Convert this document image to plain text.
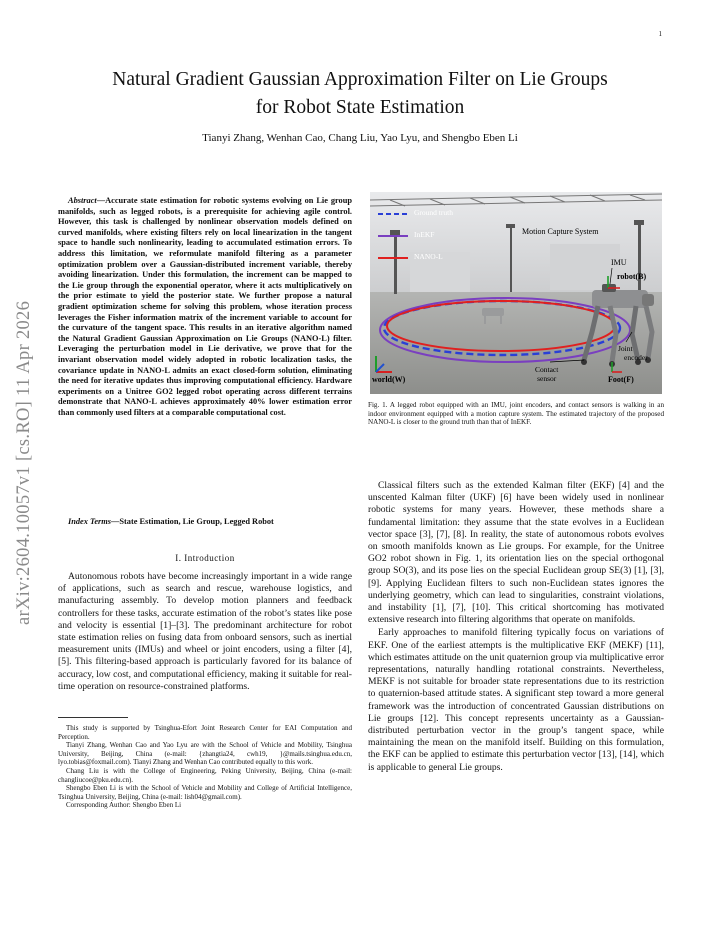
1
arXiv:2604.10057v1 [cs.RO] 11 Apr 2026
Natural Gradient Gaussian Approximation Filter on Lie Groups
for Robot State Estimation
Tianyi Zhang, Wenhan Cao, Chang Liu, Yao Lyu, and Shengbo Eben Li

Abstract—Accurate state estimation for robotic systems evolving on Lie group manifolds, such as legged robots, is a prerequisite for achieving agile control. However, this task is challenged by nonlinear observation models defined on curved manifolds, where existing filters rely on local linearization in the tangent space to handle such nonlinearity, leading to accumulated estimation errors. To address this limitation, we reformulate manifold filtering as a parameter optimization problem over a Gaussian-distributed increment variable, thereby avoiding linearization. Under this formulation, the increment can be mapped to the Lie group through the exponential operator, where it acts multiplicatively on the prior estimate to yield the posterior state. We further propose a natural gradient optimization scheme for solving this problem, whose iteration process leverages the Fisher information matrix of the increment variable to account for the curvature of the tangent space. This results in an iterative algorithm named the Natural Gradient Gaussian Approximation on Lie Groups (NANO-L) filter. Leveraging the perturbation model in Lie derivative, we prove that for the invariant observation model widely adopted in robotic localization tasks, the covariance update in NANO-L admits an exact closed-form solution, eliminating the need for iterative updates thus improving computational efficiency. Hardware experiments on a Unitree GO2 legged robot operating across different terrains demonstrate that NANO-L achieves approximately 40% lower estimation error than commonly used filters at a comparable computational cost.

Index Terms—State Estimation, Lie Group, Legged Robot

I. Introduction

Autonomous robots have become increasingly important in a wide range of applications, such as search and rescue, warehouse logistics, and manufacturing assembly. To develop motion planners and feedback controllers for these tasks, accurate estimation of the robot’s states like pose and velocity is essential [1]–[3]. The predominant architecture for robot state estimation relies on fusing data from onboard sensors, such as inertial measurement units (IMUs) and wheel or joint encoders, using a filter [4], [5]. This filtering-based approach is particularly favored for its balance of accuracy, low cost, and computational efficiency, making it suitable for real-time operation on resource-constrained platforms.

This study is supported by Tsinghua-Efort Joint Research Center for EAI Computation and Perception.

Tianyi Zhang, Wenhan Cao and Yao Lyu are with the School of Vehicle and Mobility, Tsinghua University, Beijing, China (e-mail: {zhangtia24, cwh19, }@mails.tsinghua.edu.cn, lyo.tobias@foxmail.com). Tianyi Zhang and Wenhan Cao contributed equally to this work.

Chang Liu is with the College of Engineering, Peking University, Beijing, China (e-mail: changliucoe@pku.edu.cn).

Shengbo Eben Li is with the School of Vehicle and Mobility and College of Artificial Intelligence, Tsinghua University, Beijing, China (e-mail: lish04@gmail.com).

Corresponding Author: Shengbo Eben Li

Ground truth
InEKF
NANO-L
Motion Capture System
IMU
robot(B)
Joint
encoder
Contact
sensor
world(W)	Foot(F)

Fig. 1. A legged robot equipped with an IMU, joint encoders, and contact sensors is walking in an indoor environment equipped with a motion capture system. The estimated trajectory of the proposed NANO-L is closer to the ground truth than that of InEKF.

Classical filters such as the extended Kalman filter (EKF) [4] and the unscented Kalman filter (UKF) [6] have been widely used in nonlinear robotic systems for many years. However, these methods share a fundamental limitation: they assume that the state evolves in a Euclidean vector space [3], [7], [8]. In reality, the state of autonomous robots evolves on smooth manifolds known as Lie groups. For example, for the Unitree GO2 robot shown in Fig. 1, its orientation lies on the special orthogonal group SO(3), and its pose lies on the special Euclidean group SE(3) [1], [3], [9]. Applying Euclidean filters to such non-Euclidean states ignores the underlying geometry, which can lead to singularities, constraint violations, and instability [1], [7], [10]. This critical shortcoming has motivated extensive research into filtering algorithms that operate on manifolds.

Early approaches to manifold filtering typically focus on variations of EKF. One of the earliest attempts is the multiplicative EKF (MEKF) [11], which estimates attitude on the unit quaternion group via multiplicative error representations, naturally handling rotational constraints. Nevertheless, MEKF is not suitable for broader state representations due to its restriction to quaternion-based attitude states. A significant step toward a more general framework was the introduction of concentrated Gaussian distributions on Lie groups [12]. This concept represents uncertainty as a Gaussian-distributed perturbation vector in the group’s tangent space, while maintaining the mean on the manifold itself. Building on this formulation, the EKF can be applied to estimate this perturbation vector [13], [14], which is applicable to general Lie groups.
